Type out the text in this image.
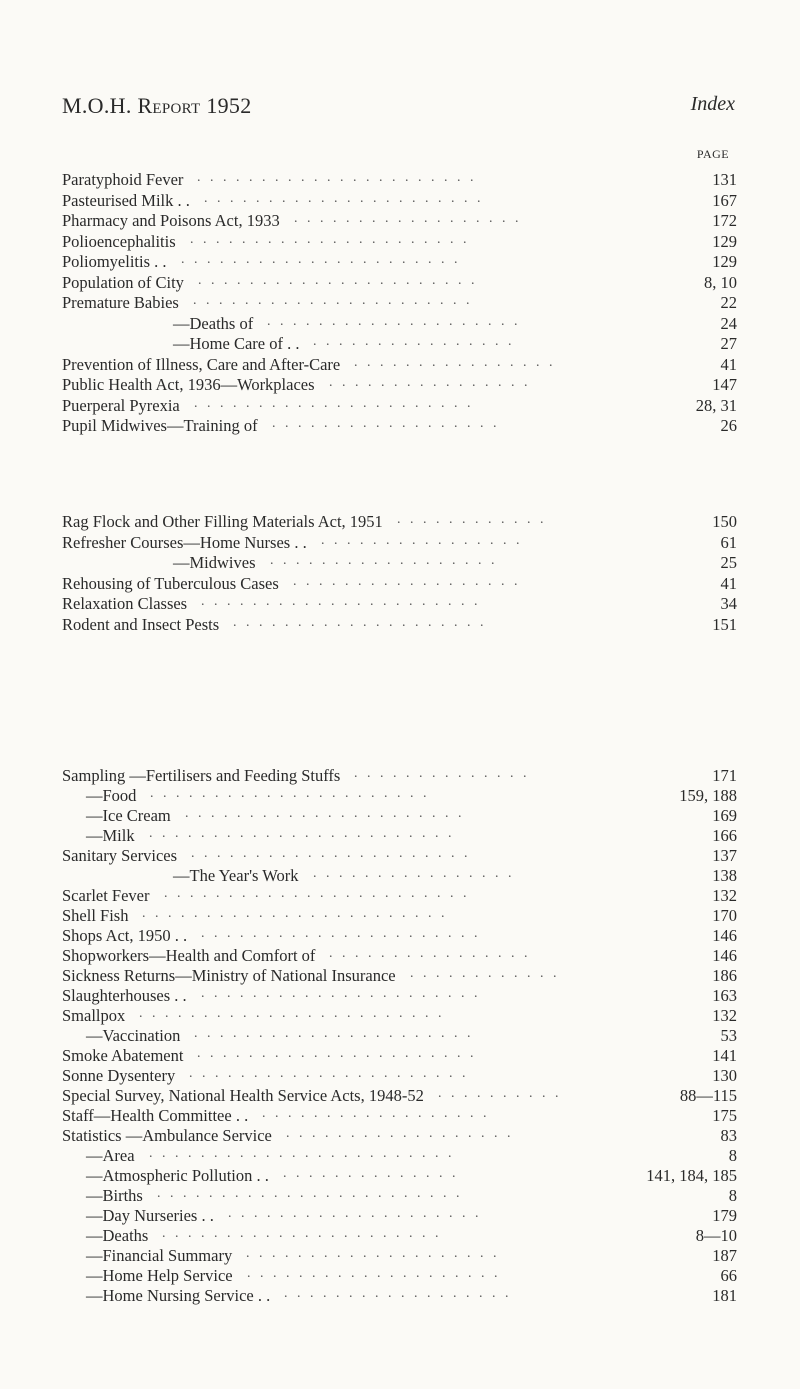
M.O.H. Report 1952	Index
PAGE
Paratyphoid Fever . . . . . . . . . . . . . . . . . . . . . .	131
Pasteurised Milk . . . . . . . . . . . . . . . . . . . . . . . .	167
Pharmacy and Poisons Act, 1933 . . . . . . . . . . . . . . . . . .	172
Polioencephalitis . . . . . . . . . . . . . . . . . . . . . .	129
Poliomyelitis . . . . . . . . . . . . . . . . . . . . . . . .	129
Population of City . . . . . . . . . . . . . . . . . . . . . .	8, 10
Premature Babies . . . . . . . . . . . . . . . . . . . . . .	22
—Deaths of . . . . . . . . . . . . . . . . . . . .	24
—Home Care of . . . . . . . . . . . . . . . . . .	27
Prevention of Illness, Care and After-Care . . . . . . . . . . . . . . . .	41
Public Health Act, 1936—Workplaces . . . . . . . . . . . . . . . .	147
Puerperal Pyrexia . . . . . . . . . . . . . . . . . . . . . .	28, 31
Pupil Midwives—Training of . . . . . . . . . . . . . . . . . .	26
Rag Flock and Other Filling Materials Act, 1951 . . . . . . . . . . . .	150
Refresher Courses—Home Nurses . . . . . . . . . . . . . . . . . .	61
—Midwives . . . . . . . . . . . . . . . . . .	25
Rehousing of Tuberculous Cases . . . . . . . . . . . . . . . . . .	41
Relaxation Classes . . . . . . . . . . . . . . . . . . . . . .	34
Rodent and Insect Pests . . . . . . . . . . . . . . . . . . . .	151
Sampling —Fertilisers and Feeding Stuffs . . . . . . . . . . . . . .	171
—Food . . . . . . . . . . . . . . . . . . . . . .	159, 188
—Ice Cream . . . . . . . . . . . . . . . . . . . . . .	169
—Milk . . . . . . . . . . . . . . . . . . . . . . . .	166
Sanitary Services . . . . . . . . . . . . . . . . . . . . . .	137
—The Year's Work . . . . . . . . . . . . . . . .	138
Scarlet Fever . . . . . . . . . . . . . . . . . . . . . . . .	132
Shell Fish . . . . . . . . . . . . . . . . . . . . . . . .	170
Shops Act, 1950 . . . . . . . . . . . . . . . . . . . . . . . .	146
Shopworkers—Health and Comfort of . . . . . . . . . . . . . . . .	146
Sickness Returns—Ministry of National Insurance . . . . . . . . . . . .	186
Slaughterhouses . . . . . . . . . . . . . . . . . . . . . . . .	163
Smallpox . . . . . . . . . . . . . . . . . . . . . . . .	132
—Vaccination . . . . . . . . . . . . . . . . . . . . . .	53
Smoke Abatement . . . . . . . . . . . . . . . . . . . . . .	141
Sonne Dysentery . . . . . . . . . . . . . . . . . . . . . .	130
Special Survey, National Health Service Acts, 1948-52 . . . . . . . . . .	88—115
Staff—Health Committee . . . . . . . . . . . . . . . . . . . .	175
Statistics —Ambulance Service . . . . . . . . . . . . . . . . . .	83
—Area . . . . . . . . . . . . . . . . . . . . . . . .	8
—Atmospheric Pollution . . . . . . . . . . . . . . . .	141, 184, 185
—Births . . . . . . . . . . . . . . . . . . . . . . . .	8
—Day Nurseries . . . . . . . . . . . . . . . . . . . . . .	179
—Deaths . . . . . . . . . . . . . . . . . . . . . .	8—10
—Financial Summary . . . . . . . . . . . . . . . . . . . .	187
—Home Help Service . . . . . . . . . . . . . . . . . . . .	66
—Home Nursing Service . . . . . . . . . . . . . . . . . . . .	181
